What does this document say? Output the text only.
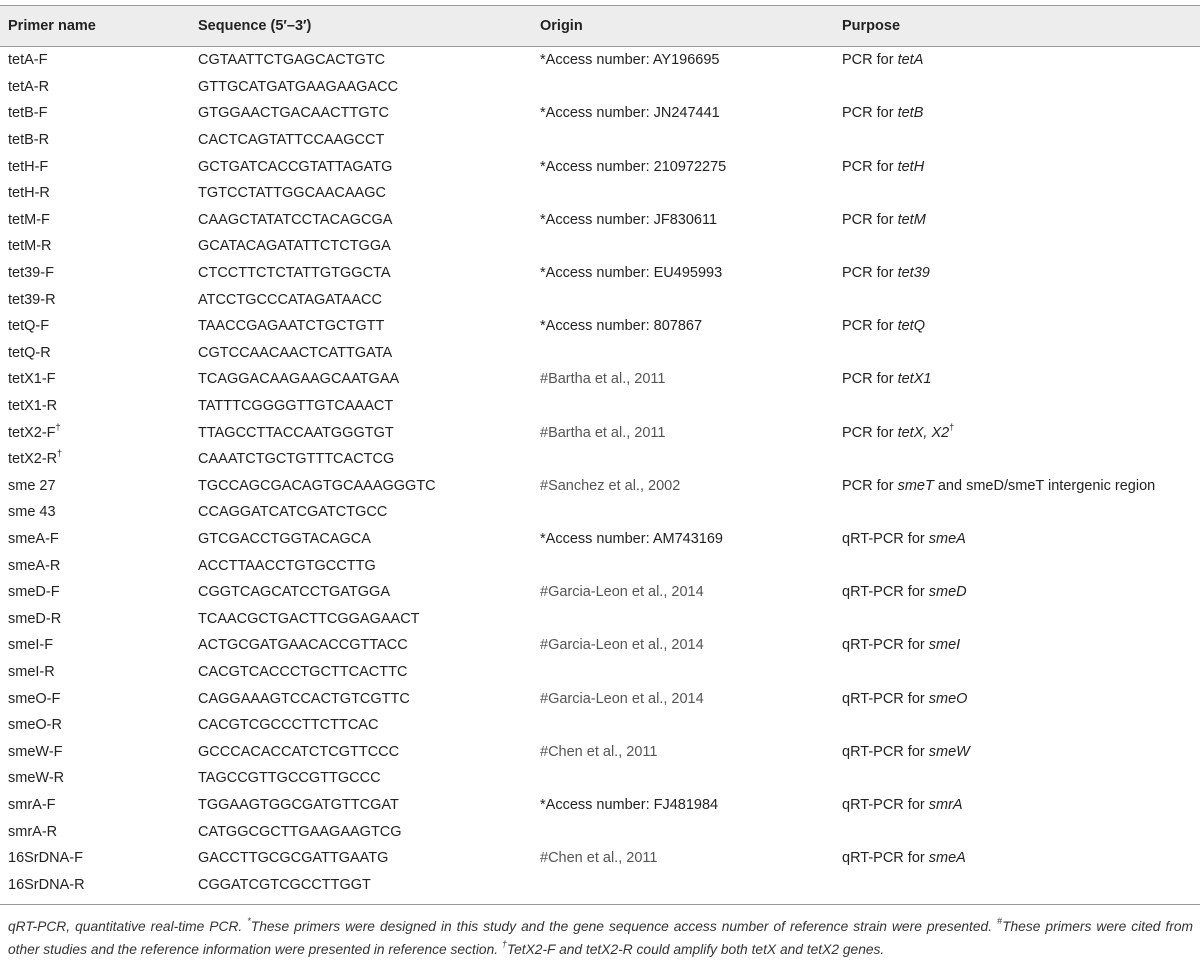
Primer name	Sequence (5′–3′)	Origin	Purpose
tetA-F	CGTAATTCTGAGCACTGTC	*Access number: AY196695	PCR for tetA
tetA-R	GTTGCATGATGAAGAAGACC
tetB-F	GTGGAACTGACAACTTGTC	*Access number: JN247441	PCR for tetB
tetB-R	CACTCAGTATTCCAAGCCT
tetH-F	GCTGATCACCGTATTAGATG	*Access number: 210972275	PCR for tetH
tetH-R	TGTCCTATTGGCAACAAGC
tetM-F	CAAGCTATATCCTACAGCGA	*Access number: JF830611	PCR for tetM
tetM-R	GCATACAGATATTCTCTGGA
tet39-F	CTCCTTCTCTATTGTGGCTA	*Access number: EU495993	PCR for tet39
tet39-R	ATCCTGCCCATAGATAACC
tetQ-F	TAACCGAGAATCTGCTGTT	*Access number: 807867	PCR for tetQ
tetQ-R	CGTCCAACAACTCATTGATA
tetX1-F	TCAGGACAAGAAGCAATGAA	#Bartha et al., 2011	PCR for tetX1
tetX1-R	TATTTCGGGGTTGTCAAACT
tetX2-F†	TTAGCCTTACCAATGGGTGT	#Bartha et al., 2011	PCR for tetX, X2†
tetX2-R†	CAAATCTGCTGTTTCACTCG
sme 27	TGCCAGCGACAGTGCAAAGGGTC	#Sanchez et al., 2002	PCR for smeT and smeD/smeT intergenic region
sme 43	CCAGGATCATCGATCTGCC
smeA-F	GTCGACCTGGTACAGCA	*Access number: AM743169	qRT-PCR for smeA
smeA-R	ACCTTAACCTGTGCCTTG
smeD-F	CGGTCAGCATCCTGATGGA	#Garcia-Leon et al., 2014	qRT-PCR for smeD
smeD-R	TCAACGCTGACTTCGGAGAACT
smeI-F	ACTGCGATGAACACCGTTACC	#Garcia-Leon et al., 2014	qRT-PCR for smeI
smeI-R	CACGTCACCCTGCTTCACTTC
smeO-F	CAGGAAAGTCCACTGTCGTTC	#Garcia-Leon et al., 2014	qRT-PCR for smeO
smeO-R	CACGTCGCCCTTCTTCAC
smeW-F	GCCCACACCATCTCGTTCCC	#Chen et al., 2011	qRT-PCR for smeW
smeW-R	TAGCCGTTGCCGTTGCCC
smrA-F	TGGAAGTGGCGATGTTCGAT	*Access number: FJ481984	qRT-PCR for smrA
smrA-R	CATGGCGCTTGAAGAAGTCG
16SrDNA-F	GACCTTGCGCGATTGAATG	#Chen et al., 2011	qRT-PCR for smeA
16SrDNA-R	CGGATCGTCGCCTTGGT
qRT-PCR, quantitative real-time PCR. *These primers were designed in this study and the gene sequence access number of reference strain were presented. #These primers were cited from other studies and the reference information were presented in reference section. †TetX2-F and tetX2-R could amplify both tetX and tetX2 genes.
